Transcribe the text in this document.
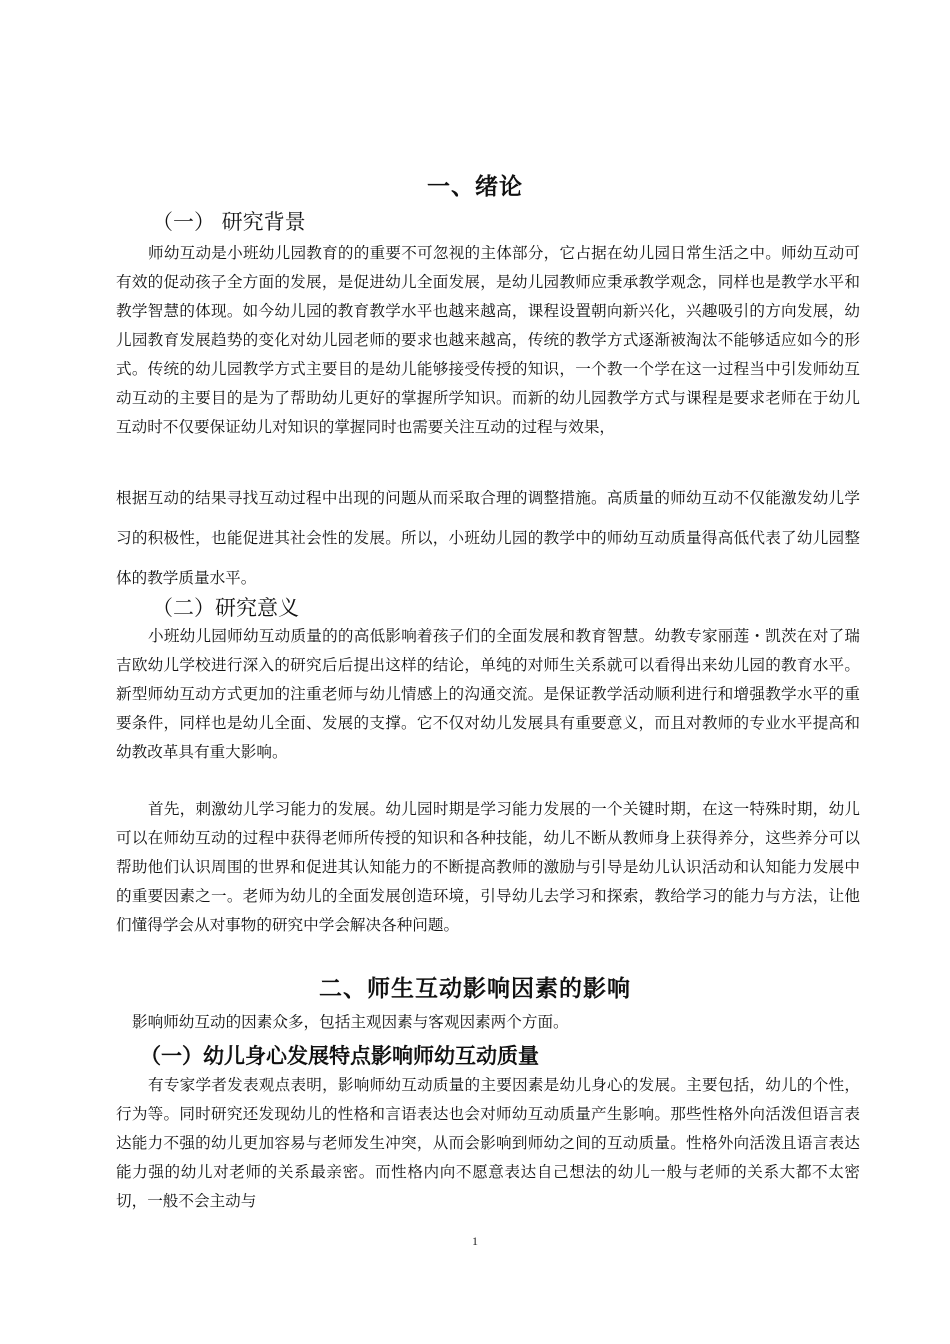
一、绪论
（一） 研究背景

师幼互动是小班幼儿园教育的的重要不可忽视的主体部分，它占据在幼儿园日常生活之中。师幼互动可有效的促动孩子全方面的发展，是促进幼儿全面发展，是幼儿园教师应秉承教学观念，同样也是教学水平和教学智慧的体现。如今幼儿园的教育教学水平也越来越高，课程设置朝向新兴化，兴趣吸引的方向发展，幼儿园教育发展趋势的变化对幼儿园老师的要求也越来越高，传统的教学方式逐渐被淘汰不能够适应如今的形式。传统的幼儿园教学方式主要目的是幼儿能够接受传授的知识，一个教一个学在这一过程当中引发师幼互动互动的主要目的是为了帮助幼儿更好的掌握所学知识。而新的幼儿园教学方式与课程是要求老师在于幼儿互动时不仅要保证幼儿对知识的掌握同时也需要关注互动的过程与效果，

根据互动的结果寻找互动过程中出现的问题从而采取合理的调整措施。高质量的师幼互动不仅能激发幼儿学习的积极性，也能促进其社会性的发展。所以，小班幼儿园的教学中的师幼互动质量得高低代表了幼儿园整体的教学质量水平。

（二）研究意义

小班幼儿园师幼互动质量的的高低影响着孩子们的全面发展和教育智慧。幼教专家丽莲・凯茨在对了瑞吉欧幼儿学校进行深入的研究后后提出这样的结论，单纯的对师生关系就可以看得出来幼儿园的教育水平。新型师幼互动方式更加的注重老师与幼儿情感上的沟通交流。是保证教学活动顺利进行和增强教学水平的重要条件，同样也是幼儿全面、发展的支撑。它不仅对幼儿发展具有重要意义，而且对教师的专业水平提高和幼教改革具有重大影响。

首先，刺激幼儿学习能力的发展。幼儿园时期是学习能力发展的一个关键时期，在这一特殊时期，幼儿可以在师幼互动的过程中获得老师所传授的知识和各种技能，幼儿不断从教师身上获得养分，这些养分可以帮助他们认识周围的世界和促进其认知能力的不断提高教师的激励与引导是幼儿认识活动和认知能力发展中的重要因素之一。老师为幼儿的全面发展创造环境，引导幼儿去学习和探索，教给学习的能力与方法，让他们懂得学会从对事物的研究中学会解决各种问题。

二、师生互动影响因素的影响

影响师幼互动的因素众多，包括主观因素与客观因素两个方面。

（一）幼儿身心发展特点影响师幼互动质量

有专家学者发表观点表明，影响师幼互动质量的主要因素是幼儿身心的发展。主要包括，幼儿的个性，行为等。同时研究还发现幼儿的性格和言语表达也会对师幼互动质量产生影响。那些性格外向活泼但语言表达能力不强的幼儿更加容易与老师发生冲突，从而会影响到师幼之间的互动质量。性格外向活泼且语言表达能力强的幼儿对老师的关系最亲密。而性格内向不愿意表达自己想法的幼儿一般与老师的关系大都不太密切，一般不会主动与

1
